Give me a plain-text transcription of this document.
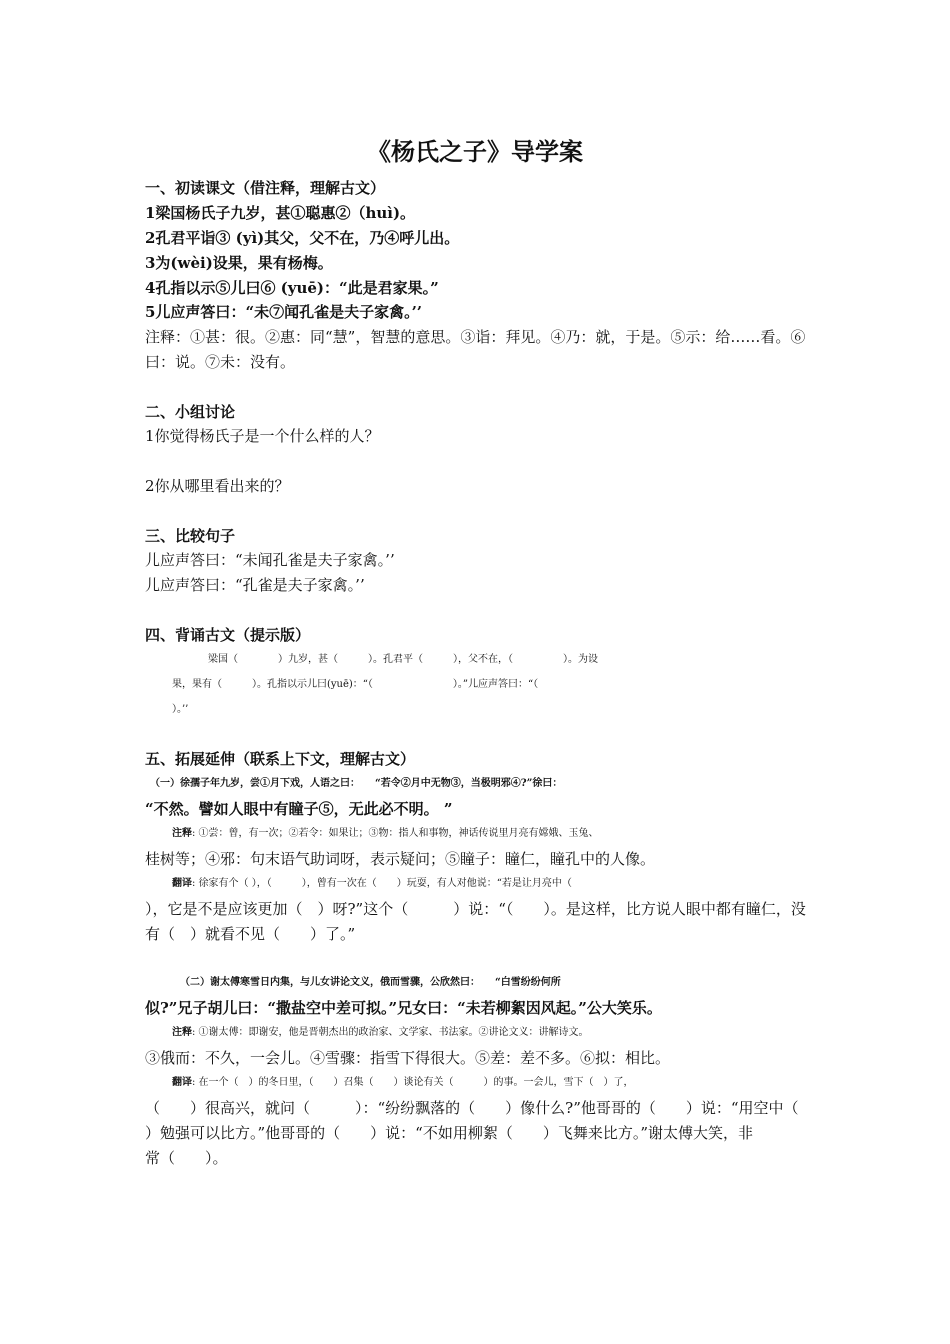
《杨氏之子》导学案
一、初读课文（借注释，理解古文）
1梁国杨氏子九岁，甚①聪惠②（huì)。
2孔君平诣③ (yì)其父，父不在，乃④呼儿出。
3为(wèi)设果，果有杨梅。
4孔指以示⑤儿曰⑥ (yuē)：“此是君家果。”
5儿应声答曰：“未⑦闻孔雀是夫子家禽。’’
注释：①甚：很。②惠：同“慧”，智慧的意思。③诣：拜见。④乃：就，于是。⑤示：给……看。⑥
曰：说。⑦未：没有。
二、小组讨论
1你觉得杨氏子是一个什么样的人？
2你从哪里看出来的？
三、比较句子
儿应声答曰：“未闻孔雀是夫子家禽。’’
儿应声答曰：“孔雀是夫子家禽。’’
四、背诵古文（提示版）
梁国（　　　　）九岁，甚（　　　）。孔君平（　　　），父不在，（　　　　　）。为设
果，果有（　　　）。孔指以示儿曰(yuē)：“（　　　　　　　　）。”儿应声答曰：“（
）。’’
五、拓展延伸（联系上下文，理解古文）
（一）徐孺子年九岁，尝①月下戏，人语之曰：　　“若令②月中无物③，当极明邪④?”徐曰：
“不然。譬如人眼中有瞳子⑤，无此必不明。 ”
注释: ①尝：曾，有一次；②若令：如果让；③物：指人和事物，神话传说里月亮有嫦娥、玉兔、
桂树等；④邪：句末语气助词呀，表示疑问；⑤瞳子：瞳仁，瞳孔中的人像。
翻译: 徐家有个（ ），（　　　），曾有一次在（　　）玩耍，有人对他说：“若是让月亮中（
），它是不是应该更加（　）呀?”这个（　　　）说：“（　　）。是这样，比方说人眼中都有瞳仁，没
有（　）就看不见（　　）了。”
（二）谢太傅寒雪日内集，与儿女讲论文义，俄而雪骤，公欣然曰：　　“白雪纷纷何所
似?”兄子胡儿曰：“撒盐空中差可拟。”兄女曰：“未若柳絮因风起。”公大笑乐。
注释: ①谢太傅：即谢安，他是晋朝杰出的政治家、文学家、书法家。②讲论文义：讲解诗文。
③俄而：不久，一会儿。④雪骤：指雪下得很大。⑤差：差不多。⑥拟：相比。
翻译: 在一个（　）的冬日里，（　　）召集（　　）谈论有关（　　　）的事。一会儿，雪下（　）了，
（　　）很高兴，就问（　　　）：“纷纷飘落的（　　）像什么?”他哥哥的（　　）说：“用空中（
）勉强可以比方。”他哥哥的（　　）说：“不如用柳絮（　　）飞舞来比方。”谢太傅大笑，非
常（　　）。
